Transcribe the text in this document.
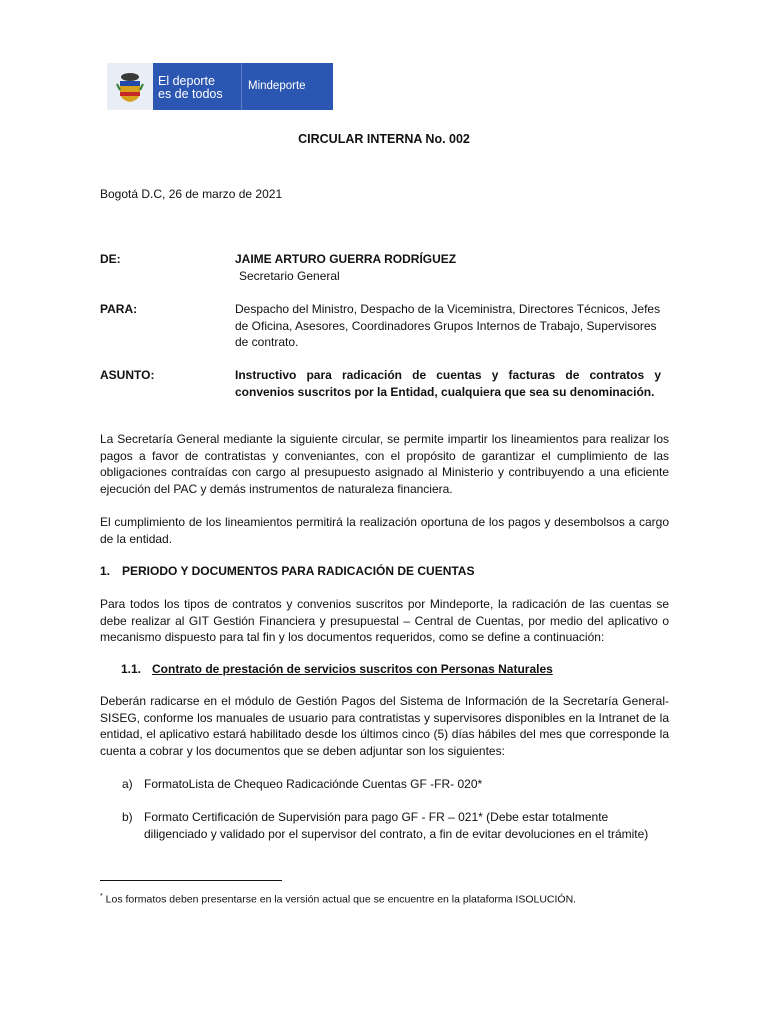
El deporte
es de todos
Mindeporte
CIRCULAR INTERNA No. 002
Bogotá D.C, 26 de marzo de 2021
DE:	JAIME ARTURO GUERRA RODRÍGUEZ
Secretario General
PARA:	Despacho del Ministro, Despacho de la Viceministra, Directores Técnicos, Jefes de Oficina, Asesores, Coordinadores Grupos Internos de Trabajo, Supervisores de contrato.
ASUNTO:	Instructivo para radicación de cuentas y facturas de contratos y convenios suscritos por la Entidad, cualquiera que sea su denominación.
La Secretaría General mediante la siguiente circular, se permite impartir los lineamientos para realizar los pagos a favor de contratistas y conveniantes, con el propósito de garantizar el cumplimiento de las obligaciones contraídas con cargo al presupuesto asignado al Ministerio y contribuyendo a una eficiente ejecución del PAC y demás instrumentos de naturaleza financiera.
El cumplimiento de los lineamientos permitirá la realización oportuna de los pagos y desembolsos a cargo de la entidad.
1. PERIODO Y DOCUMENTOS PARA RADICACIÓN DE CUENTAS
Para todos los tipos de contratos y convenios suscritos por Mindeporte, la radicación de las cuentas se debe realizar al GIT Gestión Financiera y presupuestal – Central de Cuentas, por medio del aplicativo o mecanismo dispuesto para tal fin y los documentos requeridos, como se define a continuación:
1.1. Contrato de prestación de servicios suscritos con Personas Naturales
Deberán radicarse en el módulo de Gestión Pagos del Sistema de Información de la Secretaría General-SISEG, conforme los manuales de usuario para contratistas y supervisores disponibles en la Intranet de la entidad, el aplicativo estará habilitado desde los últimos cinco (5) días hábiles del mes que corresponde la cuenta a cobrar y los documentos que se deben adjuntar son los siguientes:
a) FormatoLista de Chequeo Radicaciónde Cuentas GF -FR- 020*
b) Formato Certificación de Supervisión para pago GF - FR – 021* (Debe estar totalmente diligenciado y validado por el supervisor del contrato, a fin de evitar devoluciones en el trámite)
* Los formatos deben presentarse en la versión actual que se encuentre en la plataforma ISOLUCIÓN.
